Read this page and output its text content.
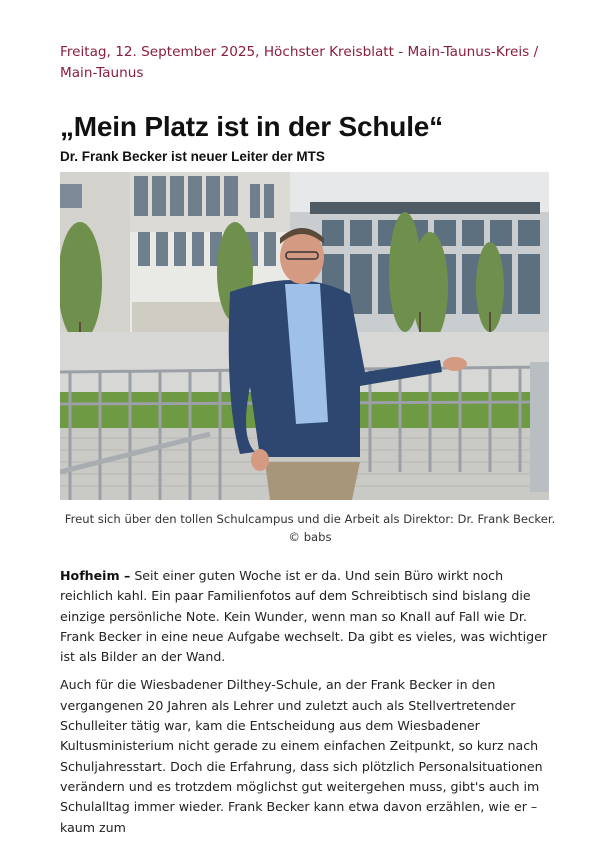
Freitag, 12. September 2025, Höchster Kreisblatt - Main-Taunus-Kreis / Main-Taunus
„Mein Platz ist in der Schule“
Dr. Frank Becker ist neuer Leiter der MTS
Freut sich über den tollen Schulcampus und die Arbeit als Direktor: Dr. Frank Becker.
© babs

Hofheim – Seit einer guten Woche ist er da. Und sein Büro wirkt noch reichlich kahl. Ein paar Familienfotos auf dem Schreibtisch sind bislang die einzige persönliche Note. Kein Wunder, wenn man so Knall auf Fall wie Dr. Frank Becker in eine neue Aufgabe wechselt. Da gibt es vieles, was wichtiger ist als Bilder an der Wand.

Auch für die Wiesbadener Dilthey-Schule, an der Frank Becker in den vergangenen 20 Jahren als Lehrer und zuletzt auch als Stellvertretender Schulleiter tätig war, kam die Entscheidung aus dem Wiesbadener Kultusministerium nicht gerade zu einem einfachen Zeitpunkt, so kurz nach Schuljahresstart. Doch die Erfahrung, dass sich plötzlich Personalsituationen verändern und es trotzdem möglichst gut weitergehen muss, gibt's auch im Schulalltag immer wieder. Frank Becker kann etwa davon erzählen, wie er – kaum zum
